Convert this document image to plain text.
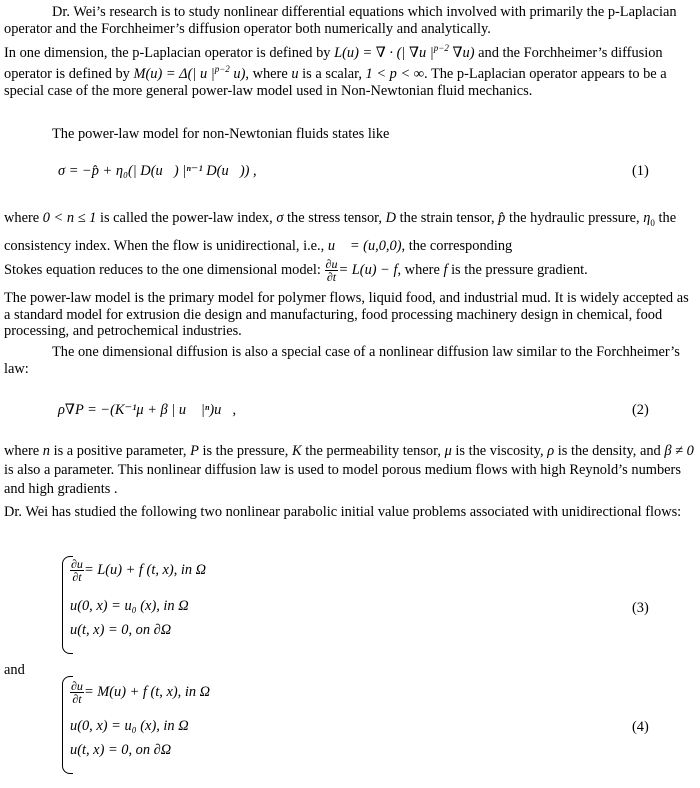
Dr. Wei’s research is to study nonlinear differential equations which involved with primarily the p-Laplacian operator and the Forchheimer’s diffusion operator both numerically and analytically.

In one dimension, the p-Laplacian operator is defined by L(u) = ∇ · (| ∇u $|^{p-2}$ ∇u) and the Forchheimer’s diffusion operator is defined by M(u) = Δ(| u $|^{p-2}$ u), where u is a scalar, 1 < p < ∞. The p-Laplacian operator appears to be a special case of the more general power-law model used in Non-Newtonian fluid mechanics.

The power-law model for non-Newtonian fluids states like

σ = −p̂ + η₀(| D(u⃗) |ⁿ⁻¹ D(u⃗)) ,	(1)

where 0 < n ≤ 1 is called the power-law index, σ the stress tensor, D the strain tensor, p̂ the hydraulic pressure, $\eta_0$ the consistency index. When the flow is unidirectional, i.e., u⃗ = (u,0,0), the corresponding

Stokes equation reduces to the one dimensional model: $\frac{\partial u}{\partial t} = L(u) - f$, where f is the pressure gradient.

The power-law model is the primary model for polymer flows, liquid food, and industrial mud. It is widely accepted as a standard model for extrusion die design and manufacturing, food processing machinery design in chemical, food processing, and petrochemical industries.

The one dimensional diffusion is also a special case of a nonlinear diffusion law similar to the Forchheimer’s law:

ρ∇P = −(K⁻¹μ + β | u⃗ |ⁿ)u⃗,	(2)

where n is a positive parameter, P is the pressure, K the permeability tensor, μ is the viscosity, ρ is the density, and β ≠ 0 is also a parameter. This nonlinear diffusion law is used to model porous medium flows with high Reynold’s numbers and high gradients .

Dr. Wei has studied the following two nonlinear parabolic initial value problems associated with unidirectional flows:

$\frac{\partial u}{\partial t} = L(u) + f$ (t, x), in Ω
u(0, x) = u₀ (x), in Ω
u(t, x) = 0, on ∂Ω
(3)

and

$\frac{\partial u}{\partial t} = M(u) + f$ (t, x), in Ω
u(0, x) = u₀ (x), in Ω
u(t, x) = 0, on ∂Ω
(4)
